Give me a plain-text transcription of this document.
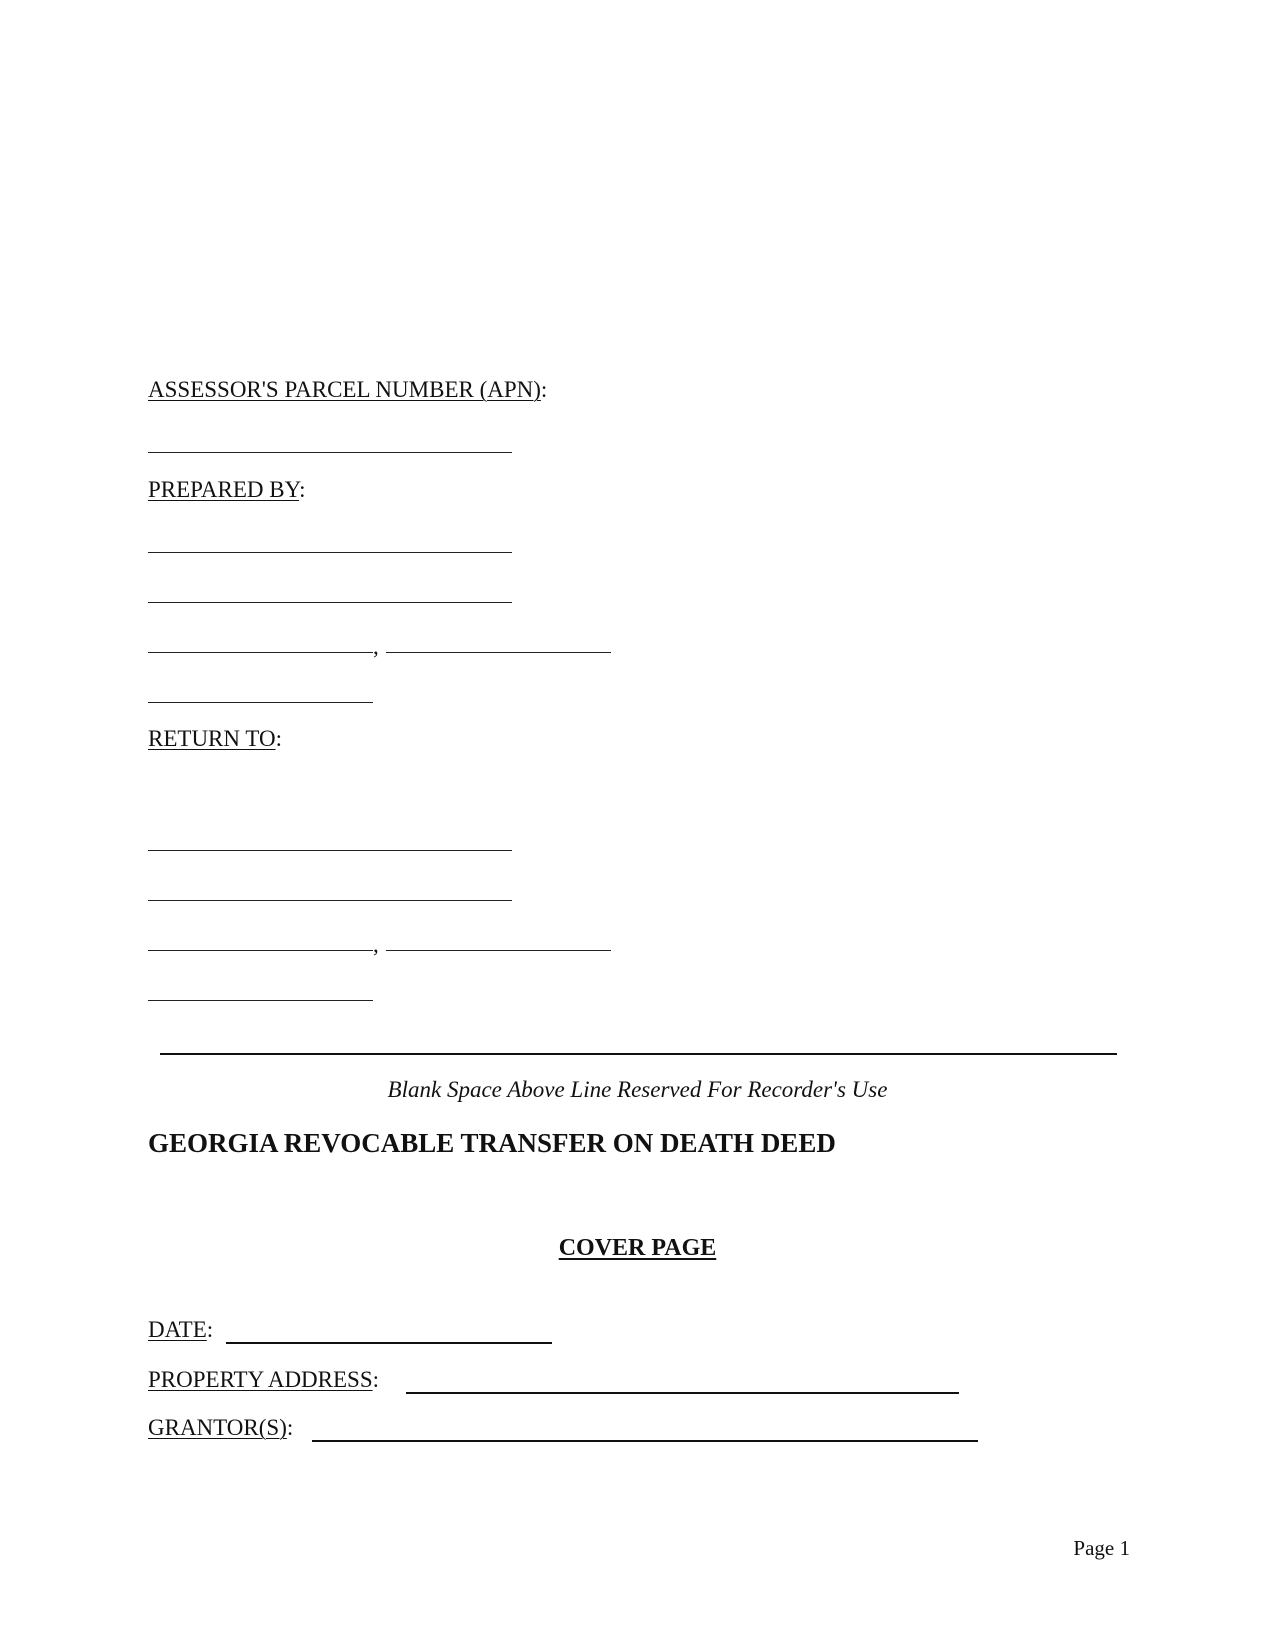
ASSESSOR'S PARCEL NUMBER (APN):
PREPARED BY:
,
RETURN TO:
,
Blank Space Above Line Reserved For Recorder's Use
GEORGIA REVOCABLE TRANSFER ON DEATH DEED
COVER PAGE
DATE:
PROPERTY ADDRESS:
GRANTOR(S):
Page 1
